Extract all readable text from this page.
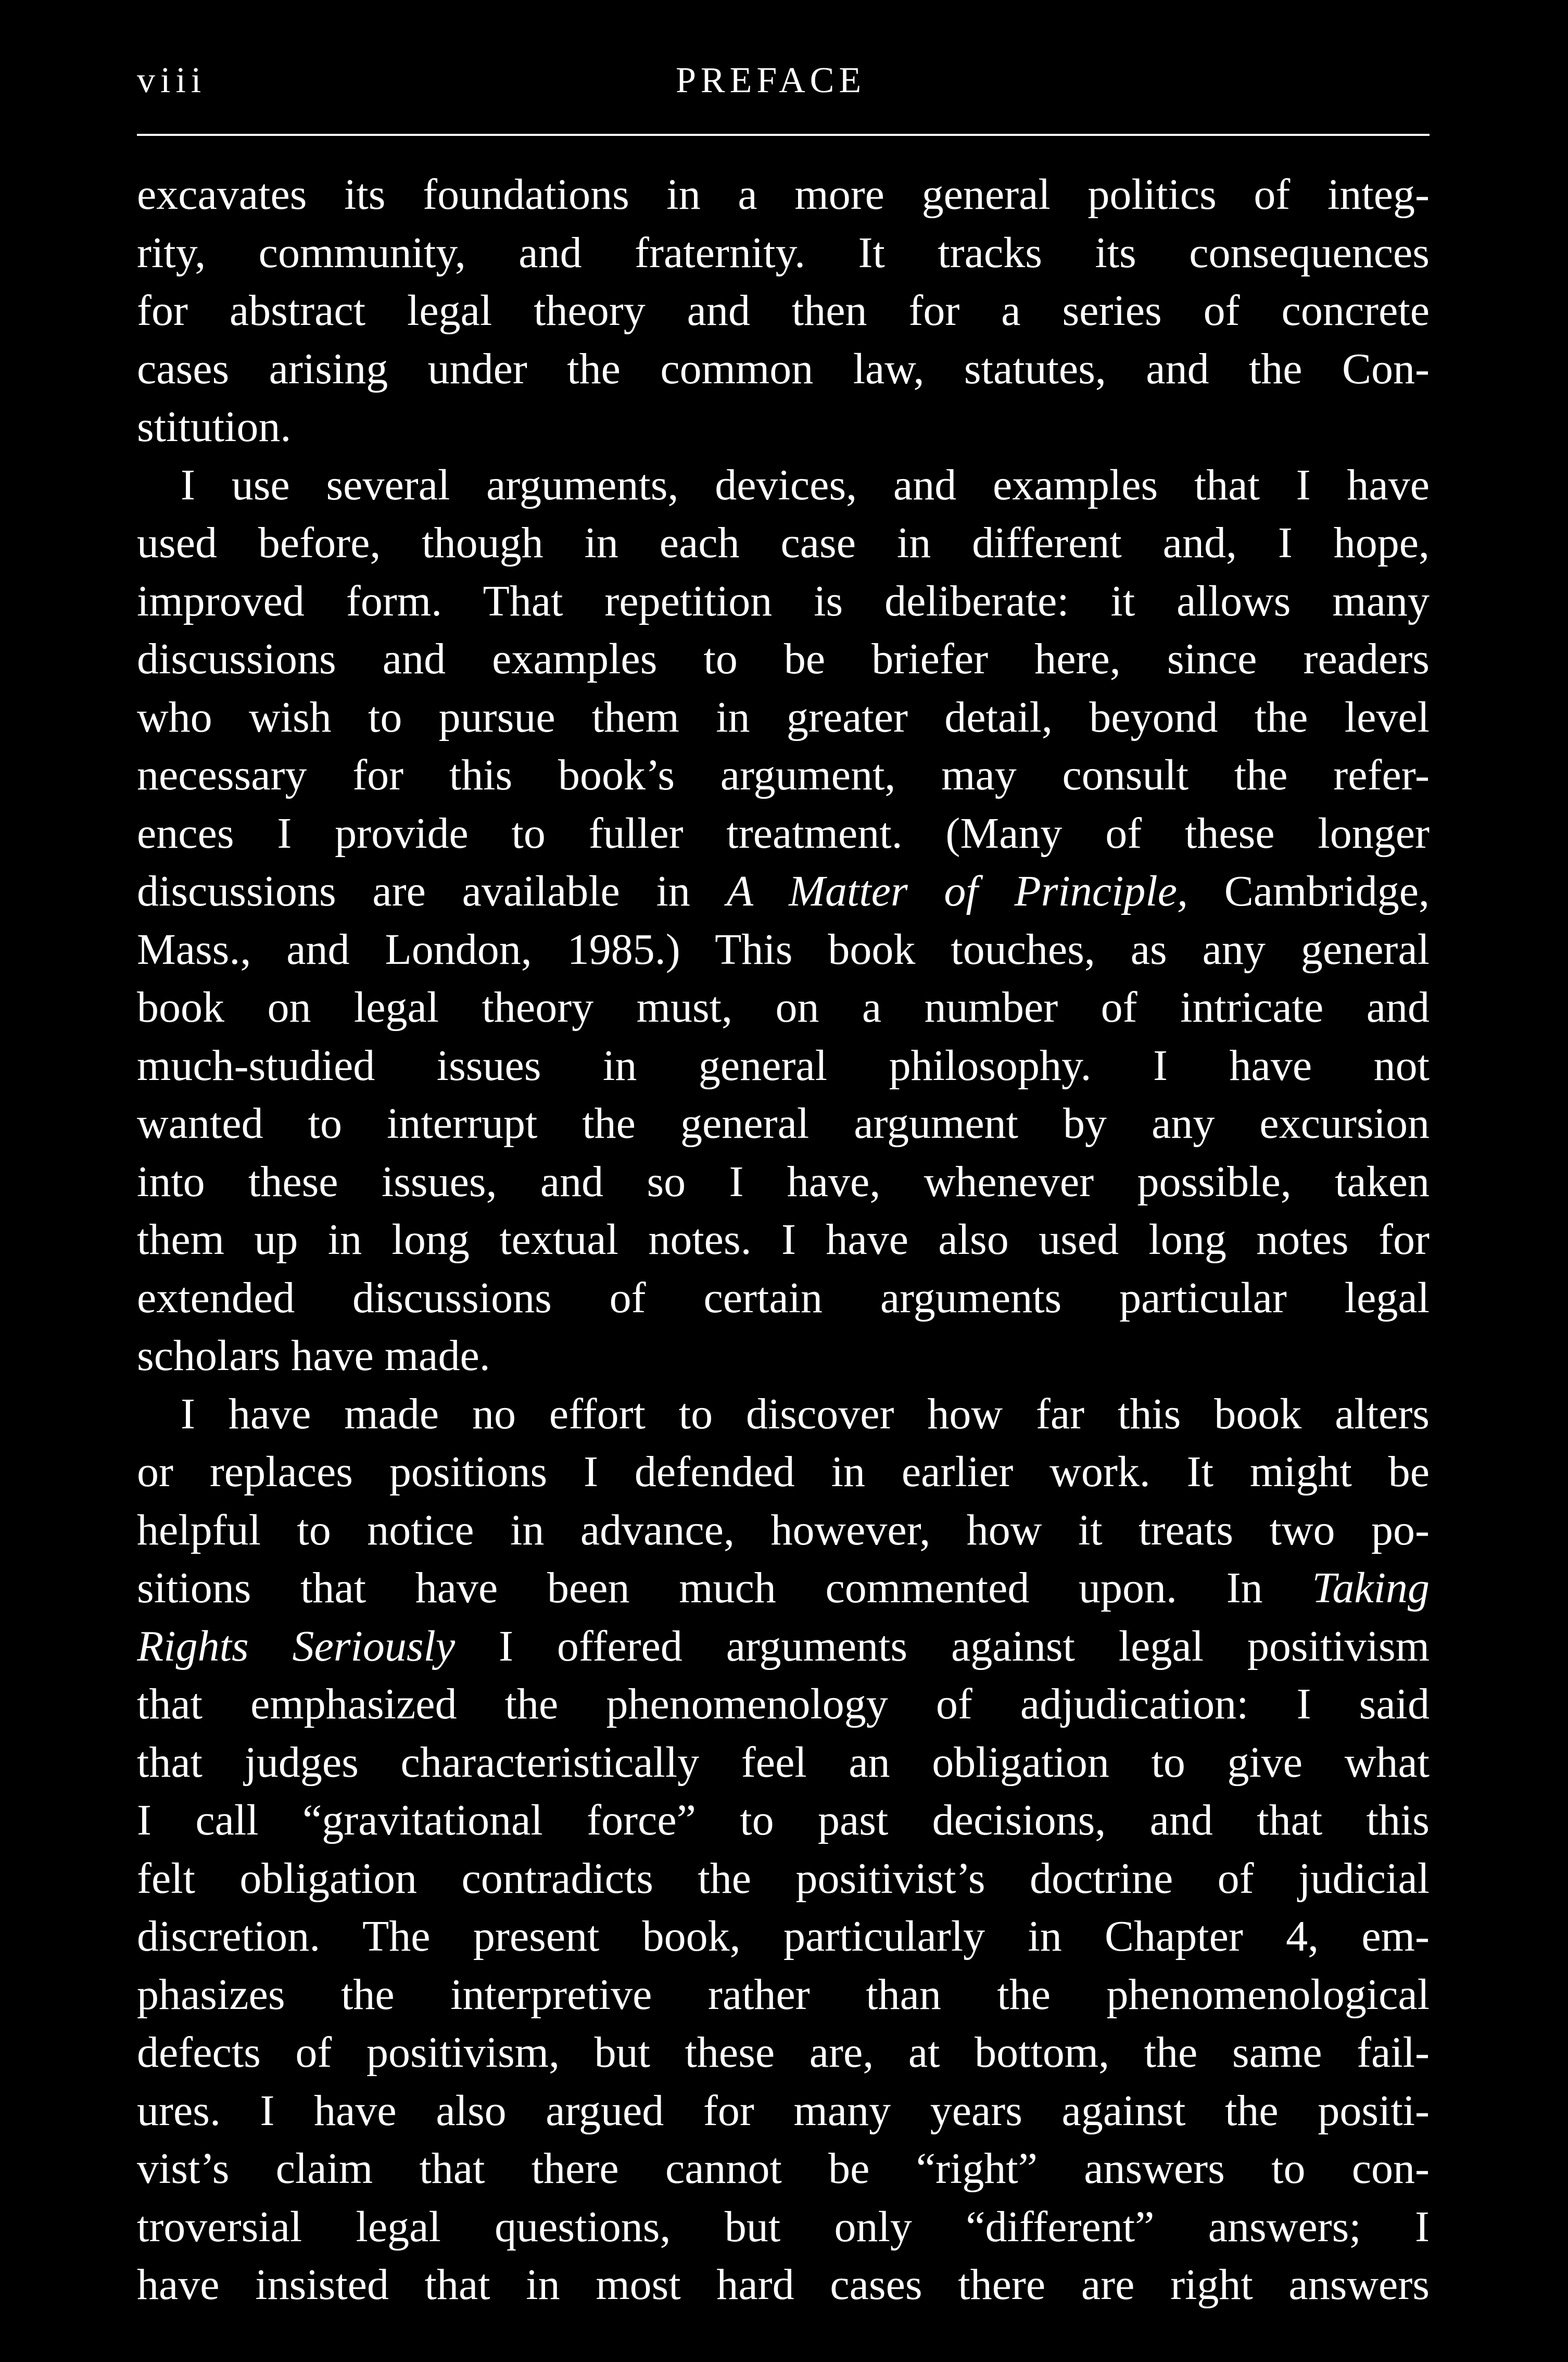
viii	PREFACE
excavates its foundations in a more general politics of integ-
rity, community, and fraternity. It tracks its consequences
for abstract legal theory and then for a series of concrete
cases arising under the common law, statutes, and the Con-
stitution.
I use several arguments, devices, and examples that I have
used before, though in each case in different and, I hope,
improved form. That repetition is deliberate: it allows many
discussions and examples to be briefer here, since readers
who wish to pursue them in greater detail, beyond the level
necessary for this book’s argument, may consult the refer-
ences I provide to fuller treatment. (Many of these longer
discussions are available in A Matter of Principle, Cambridge,
Mass., and London, 1985.) This book touches, as any general
book on legal theory must, on a number of intricate and
much-studied issues in general philosophy. I have not
wanted to interrupt the general argument by any excursion
into these issues, and so I have, whenever possible, taken
them up in long textual notes. I have also used long notes for
extended discussions of certain arguments particular legal
scholars have made.
I have made no effort to discover how far this book alters
or replaces positions I defended in earlier work. It might be
helpful to notice in advance, however, how it treats two po-
sitions that have been much commented upon. In Taking
Rights Seriously I offered arguments against legal positivism
that emphasized the phenomenology of adjudication: I said
that judges characteristically feel an obligation to give what
I call “gravitational force” to past decisions, and that this
felt obligation contradicts the positivist’s doctrine of judicial
discretion. The present book, particularly in Chapter 4, em-
phasizes the interpretive rather than the phenomenological
defects of positivism, but these are, at bottom, the same fail-
ures. I have also argued for many years against the positi-
vist’s claim that there cannot be “right” answers to con-
troversial legal questions, but only “different” answers; I
have insisted that in most hard cases there are right answers
